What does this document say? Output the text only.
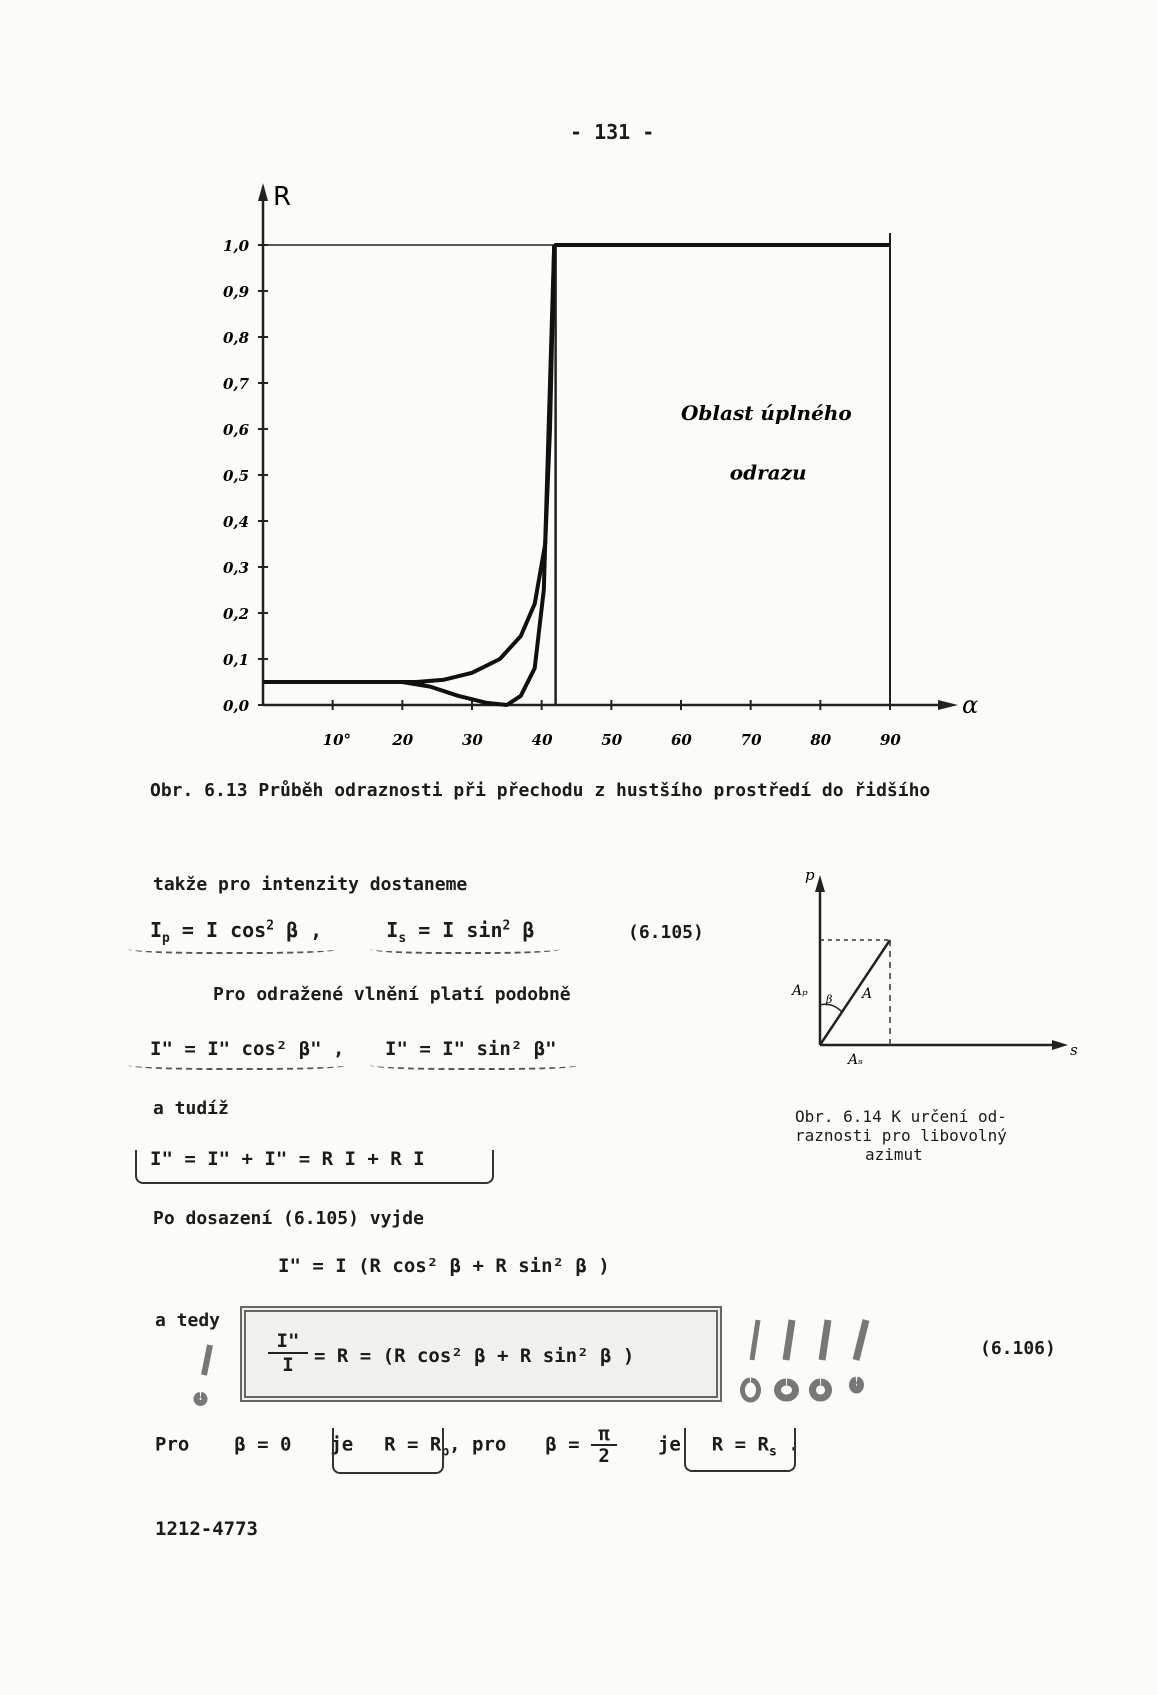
- 131 -
R
α
0,0
0,1
0,2
0,3
0,4
0,5
0,6
0,7
0,8
0,9
1,0
10°	20	30	40	50	60	70	80	90
Oblast úplného
odrazu
Obr. 6.13 Průběh odraznosti při přechodu z hustšího prostředí do řidšího
takže pro intenzity dostaneme
$I_p = I$ $\cos^2 \beta$ ,	$I_s = I$ $\sin^2 \beta$	(6.105)
Pro odražené vlnění platí podobně
I" = I" cos² β" , I" = I" sin² β"
a tudíž
I" = I" + I" = R I + R I
Po dosazení (6.105) vyjde
I" = I (R cos² β + R sin² β )
a tedy
I"
I	= R = (R cos² β + R sin² β )	(6.106)
Pro β = 0 je $R = R_p$, pro $\beta = \frac{\pi}{2}$ je $R = R_s$ .
1212-4773
p
s
Aₚ
Aₛ
A
β
Obr. 6.14 K určení od-
raznosti pro libovolný
azimut
